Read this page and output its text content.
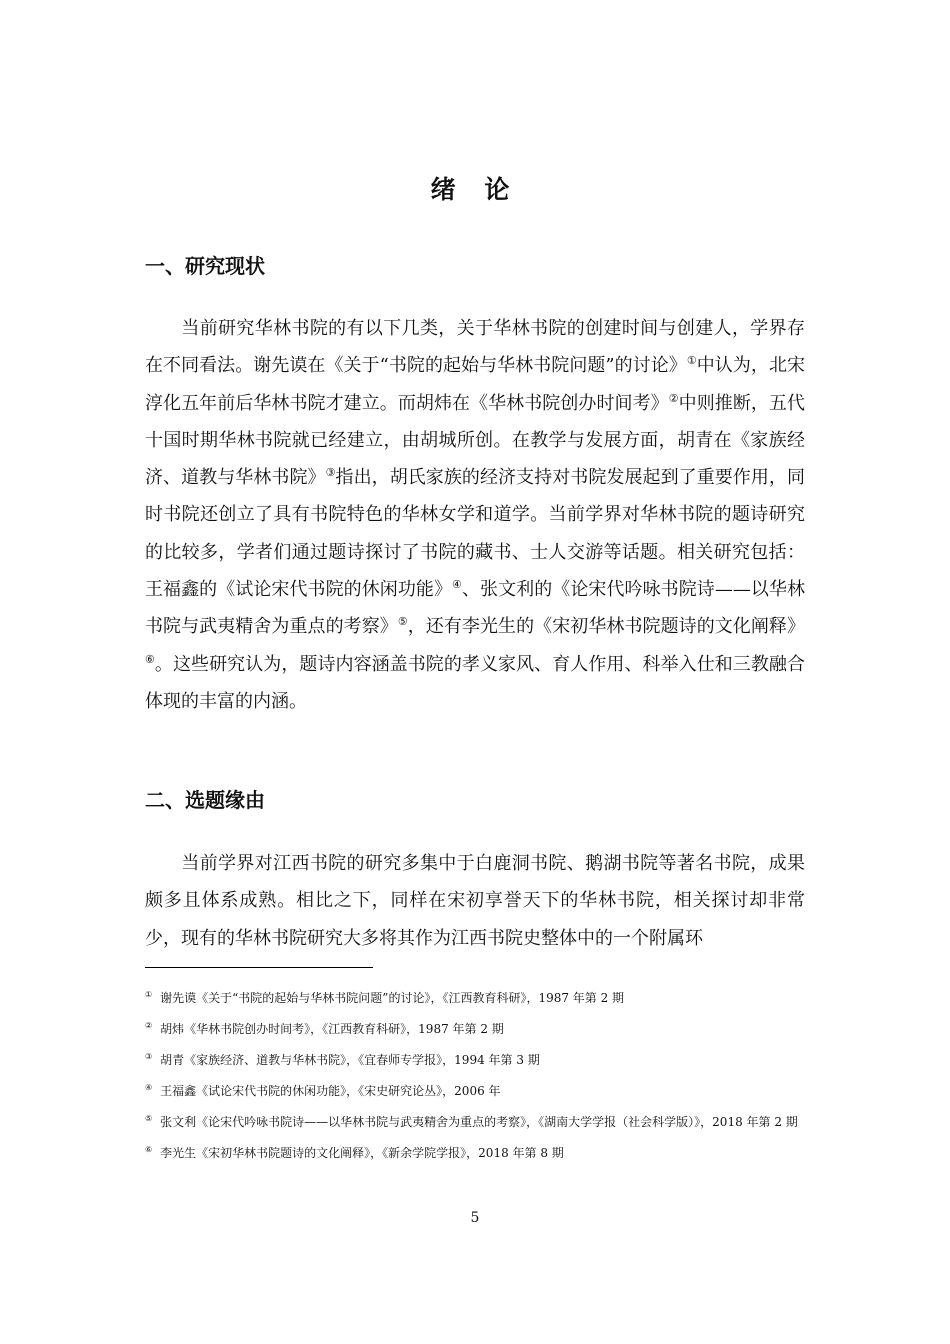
绪 论
一、研究现状

当前研究华林书院的有以下几类，关于华林书院的创建时间与创建人，学界存在不同看法。谢先谟在《关于“书院的起始与华林书院问题”的讨论》①中认为，北宋淳化五年前后华林书院才建立。而胡炜在《华林书院创办时间考》②中则推断，五代十国时期华林书院就已经建立，由胡城所创。在教学与发展方面，胡青在《家族经济、道教与华林书院》③指出，胡氏家族的经济支持对书院发展起到了重要作用，同时书院还创立了具有书院特色的华林女学和道学。当前学界对华林书院的题诗研究的比较多，学者们通过题诗探讨了书院的藏书、士人交游等话题。相关研究包括：王福鑫的《试论宋代书院的休闲功能》④、张文利的《论宋代吟咏书院诗——以华林书院与武夷精舍为重点的考察》⑤，还有李光生的《宋初华林书院题诗的文化阐释》⑥。这些研究认为，题诗内容涵盖书院的孝义家风、育人作用、科举入仕和三教融合体现的丰富的内涵。

二、选题缘由

当前学界对江西书院的研究多集中于白鹿洞书院、鹅湖书院等著名书院，成果颇多且体系成熟。相比之下，同样在宋初享誉天下的华林书院，相关探讨却非常少，现有的华林书院研究大多将其作为江西书院史整体中的一个附属环

① 谢先谟《关于“书院的起始与华林书院问题”的讨论》，《江西教育科研》，1987 年第 2 期
② 胡炜《华林书院创办时间考》，《江西教育科研》，1987 年第 2 期
③ 胡青《家族经济、道教与华林书院》，《宜春师专学报》，1994 年第 3 期
④ 王福鑫《试论宋代书院的休闲功能》，《宋史研究论丛》，2006 年
⑤ 张文利《论宋代吟咏书院诗——以华林书院与武夷精舍为重点的考察》，《湖南大学学报（社会科学版）》，2018 年第 2 期
⑥ 李光生《宋初华林书院题诗的文化阐释》，《新余学院学报》，2018 年第 8 期
5
